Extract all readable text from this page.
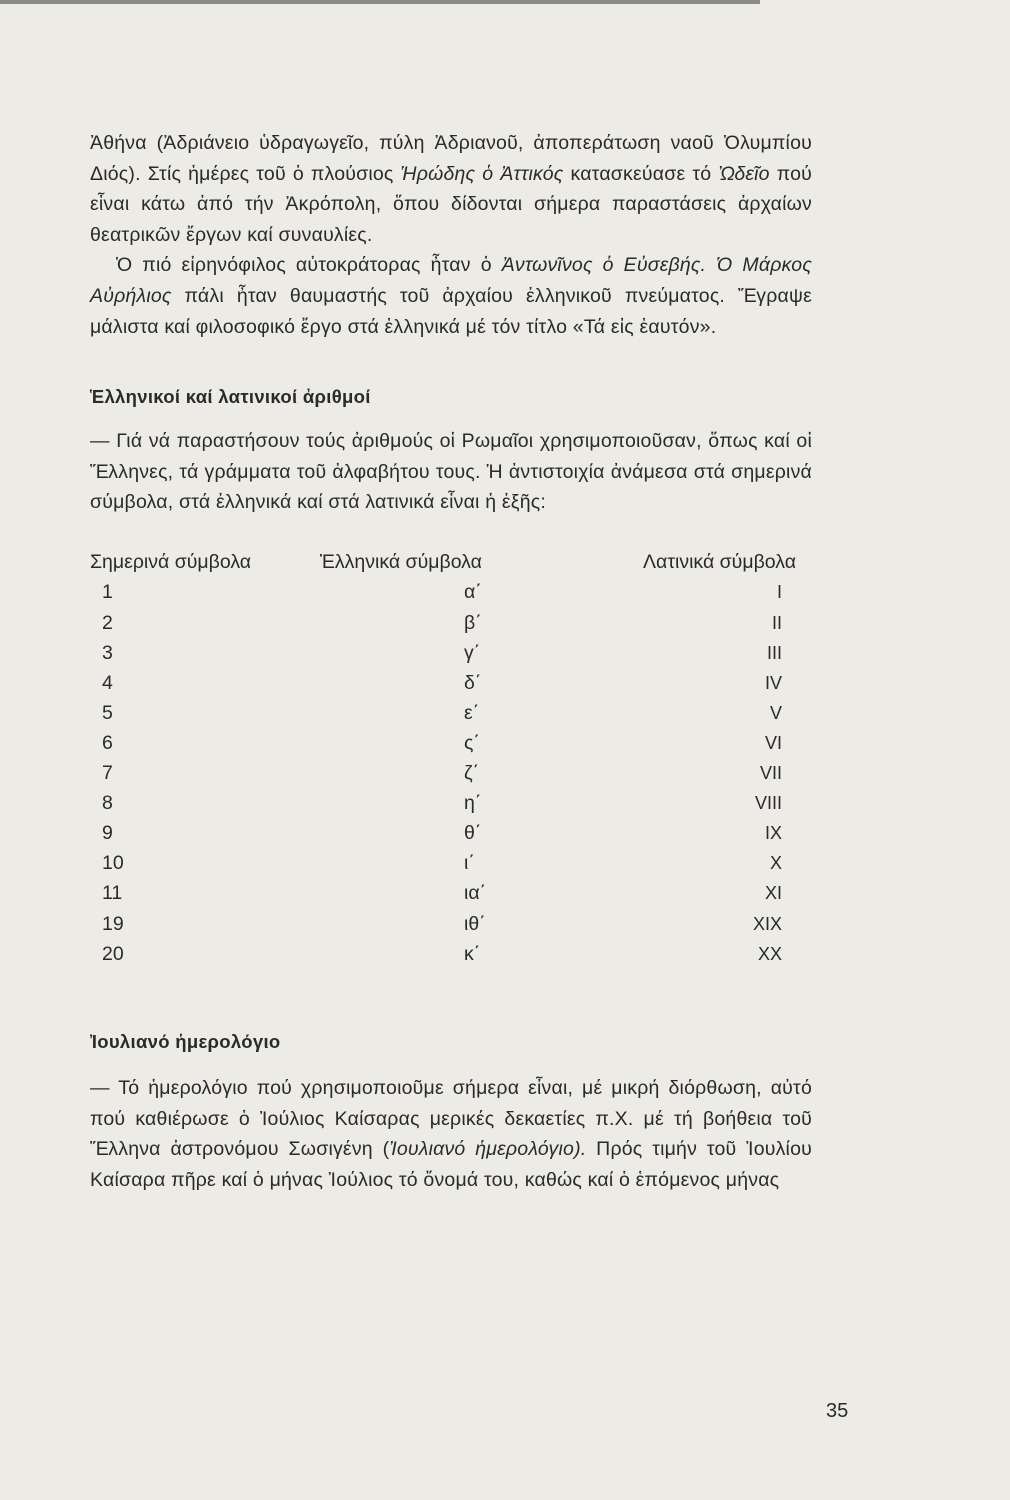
Ἀθήνα (Ἀδριάνειο ὑδραγωγεῖο, πύλη Ἀδριανοῦ, ἀποπεράτωση ναοῦ Ὀλυμπίου Διός). Στίς ἡμέρες τοῦ ὁ πλούσιος Ἡρώδης ὁ Ἀττικός κατασκεύασε τό Ὠδεῖο πού εἶναι κάτω ἀπό τήν Ἀκρόπολη, ὅπου δίδονται σήμερα παραστάσεις ἀρχαίων θεατρικῶν ἔργων καί συναυλίες.

Ὁ πιό εἰρηνόφιλος αὐτοκράτορας ἦταν ὁ Ἀντωνῖνος ὁ Εὐσεβής. Ὁ Μάρκος Αὐρήλιος πάλι ἦταν θαυμαστής τοῦ ἀρχαίου ἑλληνικοῦ πνεύματος. Ἔγραψε μάλιστα καί φιλοσοφικό ἔργο στά ἑλληνικά μέ τόν τίτλο «Τά εἰς ἑαυτόν».

Ἑλληνικοί καί λατινικοί ἀριθμοί

— Γιά νά παραστήσουν τούς ἀριθμούς οἱ Ρωμαῖοι χρησιμοποιοῦσαν, ὅπως καί οἱ Ἕλληνες, τά γράμματα τοῦ ἀλφαβήτου τους. Ἡ ἀντιστοιχία ἀνάμεσα στά σημερινά σύμβολα, στά ἑλληνικά καί στά λατινικά εἶναι ἡ ἑξῆς:

Σημερινά σύμβολα	Ἑλληνικά σύμβολα	Λατινικά σύμβολα
1	α΄	I
2	β΄	II
3	γ΄	III
4	δ΄	IV
5	ε΄	V
6	ς΄	VI
7	ζ΄	VII
8	η΄	VIII
9	θ΄	IX
10	ι΄	X
11	ια΄	XI
19	ιθ΄	XIX
20	κ΄	XX
Ἰουλιανό ἡμερολόγιο

— Τό ἡμερολόγιο πού χρησιμοποιοῦμε σήμερα εἶναι, μέ μικρή διόρθωση, αὐτό πού καθιέρωσε ὁ Ἰούλιος Καίσαρας μερικές δεκαετίες π.Χ. μέ τή βοήθεια τοῦ Ἕλληνα ἀστρονόμου Σωσιγένη (Ἰουλιανό ἡμερολόγιο). Πρός τιμήν τοῦ Ἰουλίου Καίσαρα πῆρε καί ὁ μήνας Ἰούλιος τό ὄνομά του, καθώς καί ὁ ἑπόμενος μήνας

35
